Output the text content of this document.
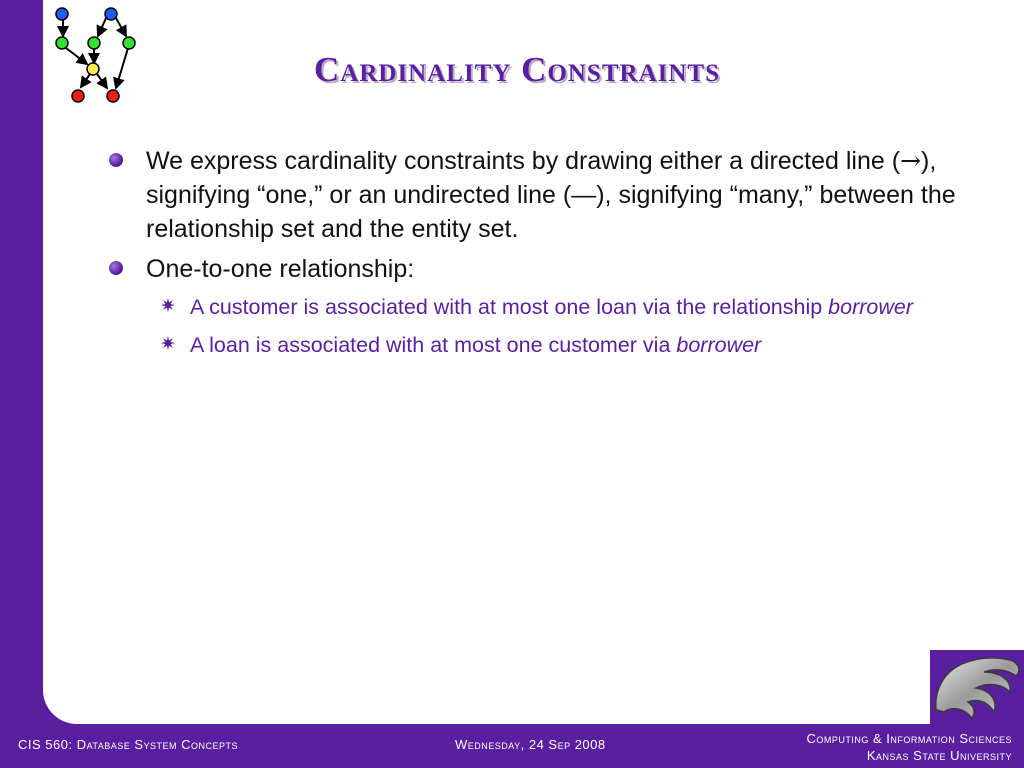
Cardinality Constraints
We express cardinality constraints by drawing either a directed line (→), signifying “one,” or an undirected line (—), signifying “many,” between the relationship set and the entity set.
One-to-one relationship:
✷ A customer is associated with at most one loan via the relationship borrower
✷ A loan is associated with at most one customer via borrower
CIS 560: Database System Concepts	Wednesday, 24 Sep 2008	Computing & Information Sciences
Kansas State University
